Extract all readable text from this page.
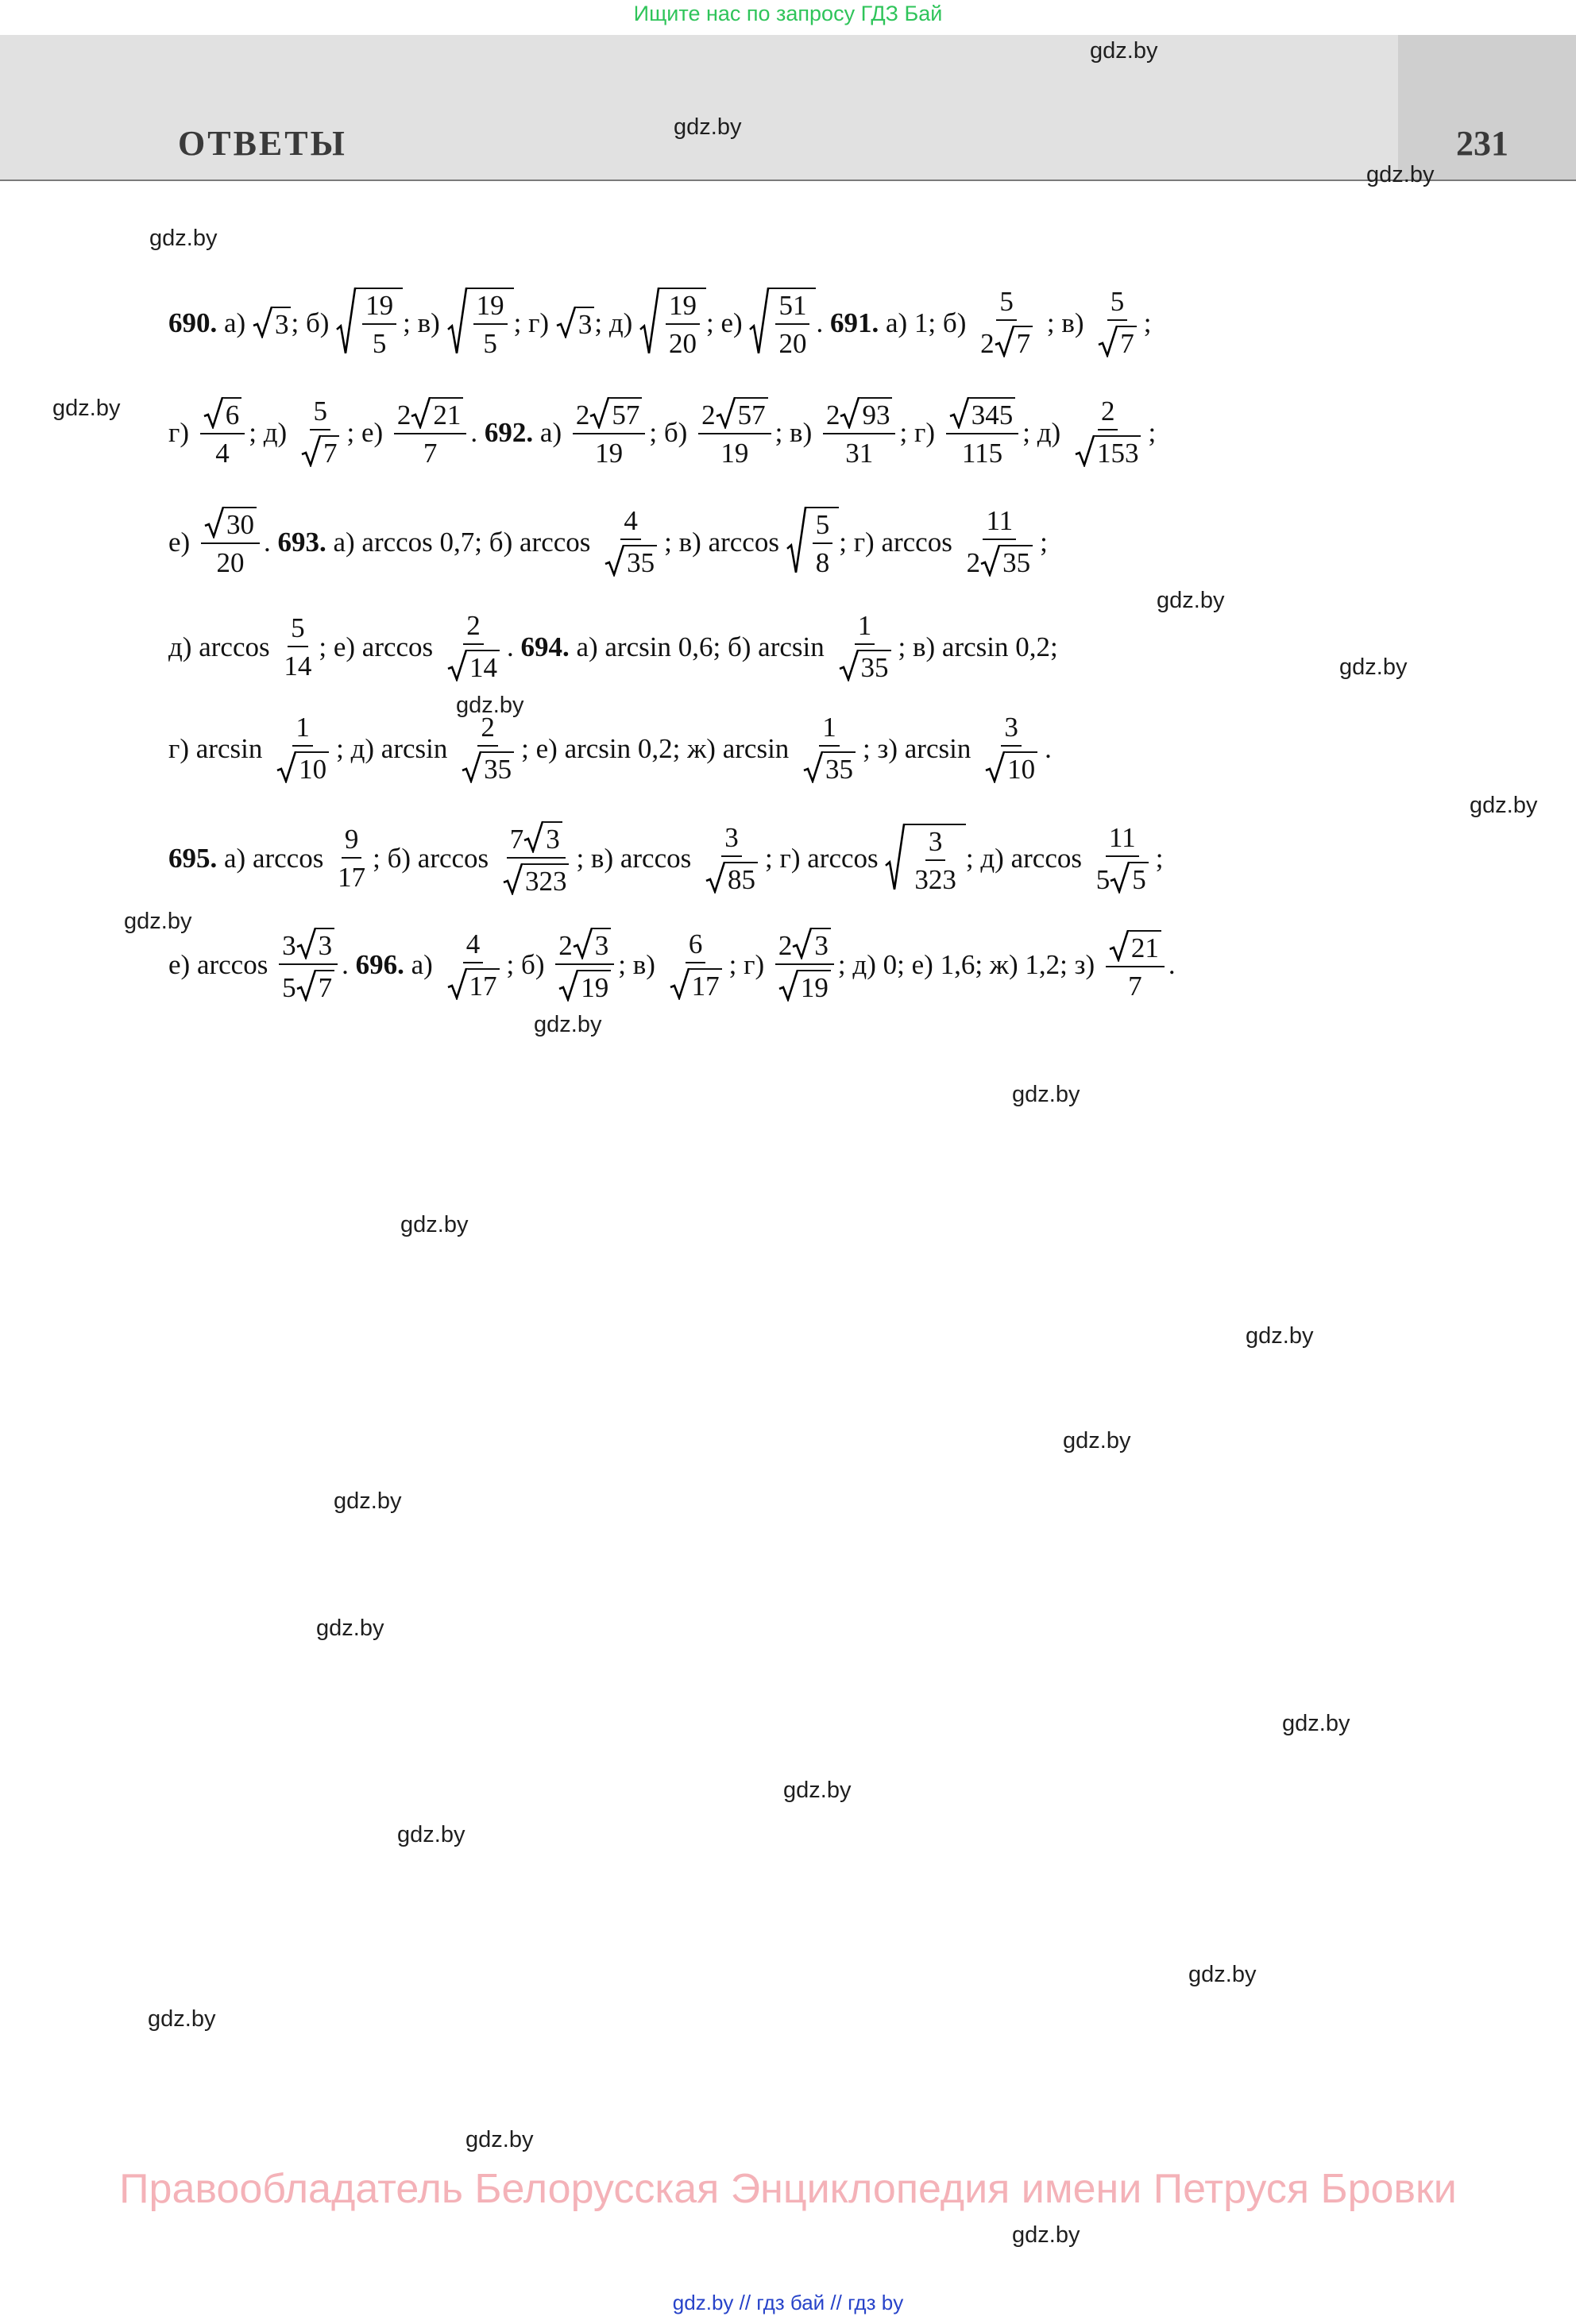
Ищите нас по запросу ГДЗ Бай
ОТВЕТЫ	231
gdz.by
gdz.by
gdz.by
gdz.by
gdz.by
gdz.by
gdz.by
gdz.by
gdz.by
gdz.by
gdz.by
gdz.by
gdz.by
gdz.by
gdz.by
gdz.by
gdz.by
gdz.by
gdz.by
gdz.by
gdz.by
gdz.by
gdz.by
gdz.by
690. а) 3; $б) \frac{19}{5}$ ; $в) \frac{19}{5}$ ; г) 3; $д) \frac{19}{20}$ ; $е) \frac{51}{20}$ . 691. а) 1; $б) \frac{5}{2 7}$ ; $в) \frac{5}{7}$ ;
$г) \frac{6}{4}$ ; $д) \frac{5}{7}$ ; $е) \frac{2 21}{7}$ . 692. $а) \frac{2 57}{19}$ ; $б) \frac{2 57}{19}$ ; $в) \frac{2 93}{31}$ ; $г) \frac{345}{115}$ ; $д) \frac{2}{153}$ ;
$е) \frac{30}{20}$ . 693. а) arccos 0,7; б) $\arccos \frac{4}{35}$ ; в) $\arccos \frac{5}{8}$ ; г) $\arccos \frac{11}{2 35}$ ;
д) $\arccos \frac{5}{14}$ ; е) $\arccos \frac{2}{14}$ . 694. а) arcsin 0,6; б) $\arcsin \frac{1}{35}$ ; в) arcsin 0,2;
г) $\arcsin \frac{1}{10}$ ; д) $\arcsin \frac{2}{35}$ ; е) arcsin 0,2; ж) $\arcsin \frac{1}{35}$ ; з) $\arcsin \frac{3}{10}$ .
695. а) $\arccos \frac{9}{17}$ ; б) $\arccos \frac{7 3}{323}$ ; в) $\arccos \frac{3}{85}$ ; г) $\arccos \frac{3}{323}$ ; д) $\arccos \frac{11}{5 5}$ ;
е) $\arccos \frac{3 3}{5 7}$ . 696. $а) \frac{4}{17}$ ; $б) \frac{2 3}{19}$ ; $в) \frac{6}{17}$ ; $г) \frac{2 3}{19}$ ; д) 0; е) 1,6; ж) 1,2; $з) \frac{21}{7}$ .
Правообладатель Белорусская Энциклопедия имени Петруся Бровки
gdz.by // гдз бай // гдз by
